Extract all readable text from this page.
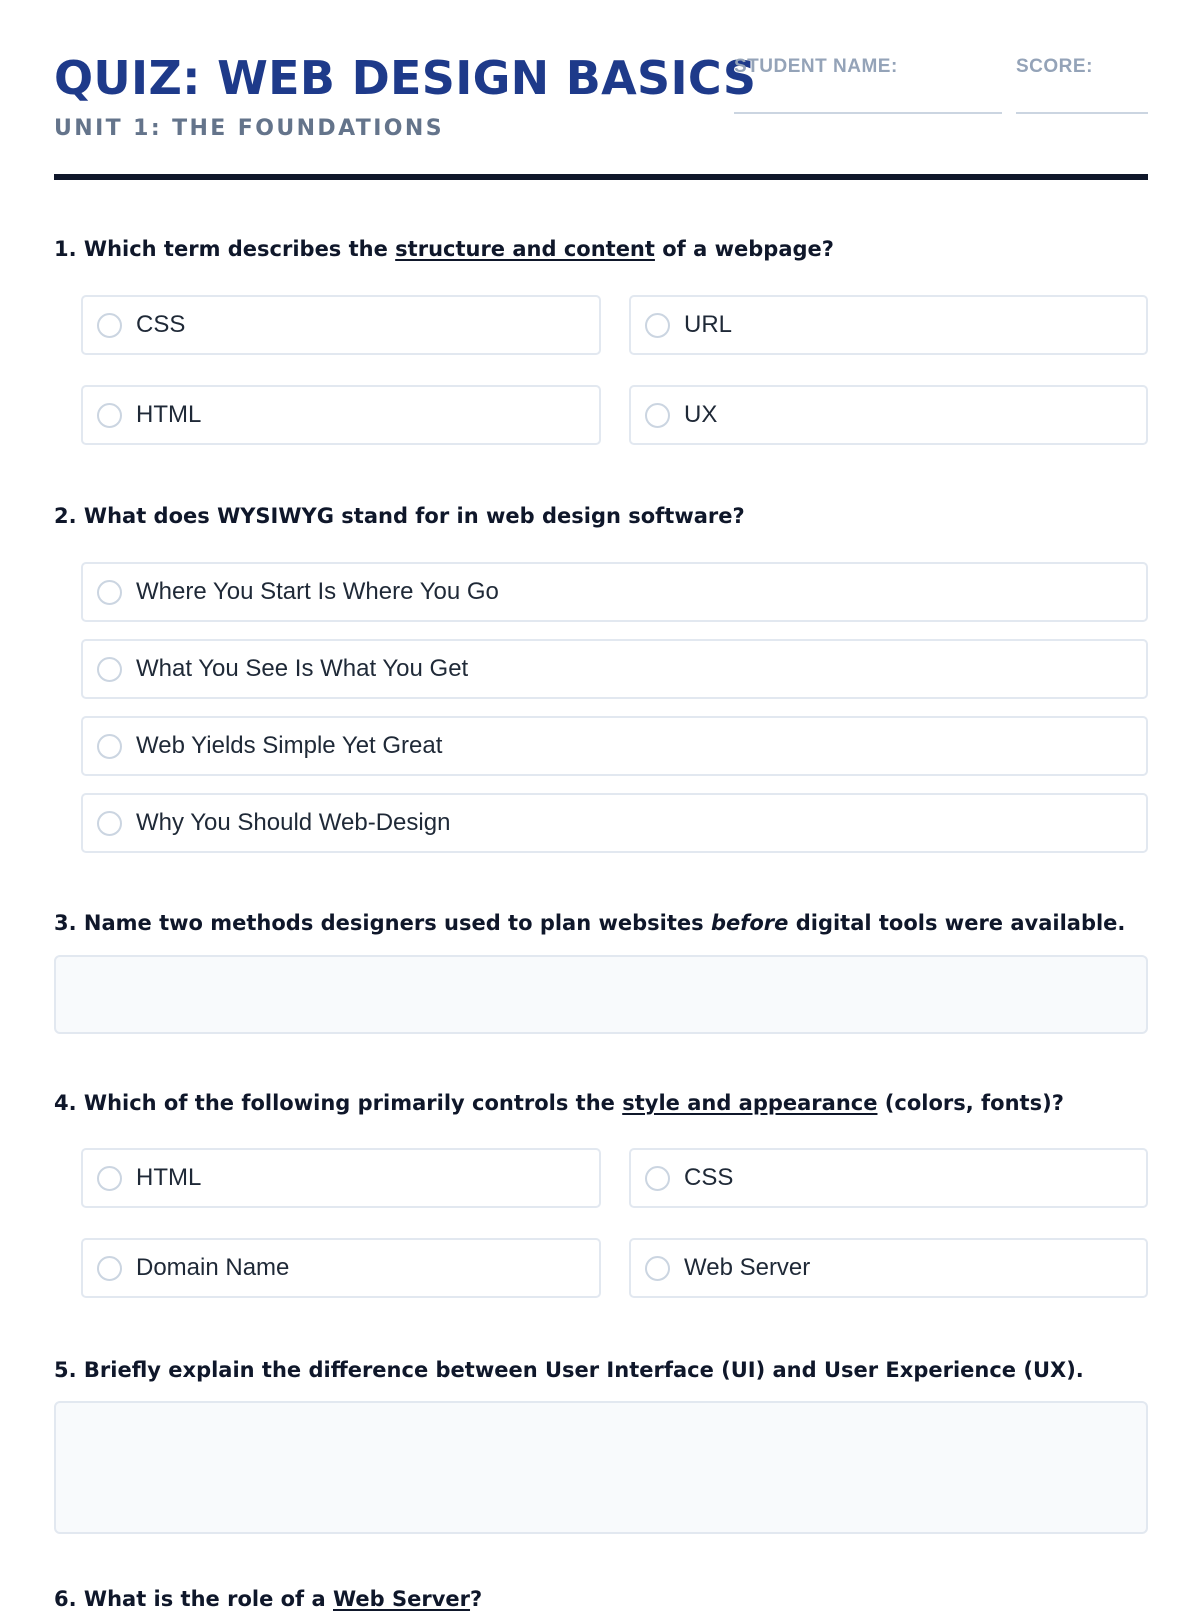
QUIZ: WEB DESIGN BASICS
UNIT 1: THE FOUNDATIONS
STUDENT NAME:	SCORE:

1. Which term describes the structure and content of a webpage?

CSS	URL
HTML	UX

2. What does WYSIWYG stand for in web design software?

Where You Start Is Where You Go
What You See Is What You Get
Web Yields Simple Yet Great
Why You Should Web-Design

3. Name two methods designers used to plan websites before digital tools were available.

4. Which of the following primarily controls the style and appearance (colors, fonts)?

HTML	CSS
Domain Name	Web Server

5. Briefly explain the difference between User Interface (UI) and User Experience (UX).

6. What is the role of a Web Server?
